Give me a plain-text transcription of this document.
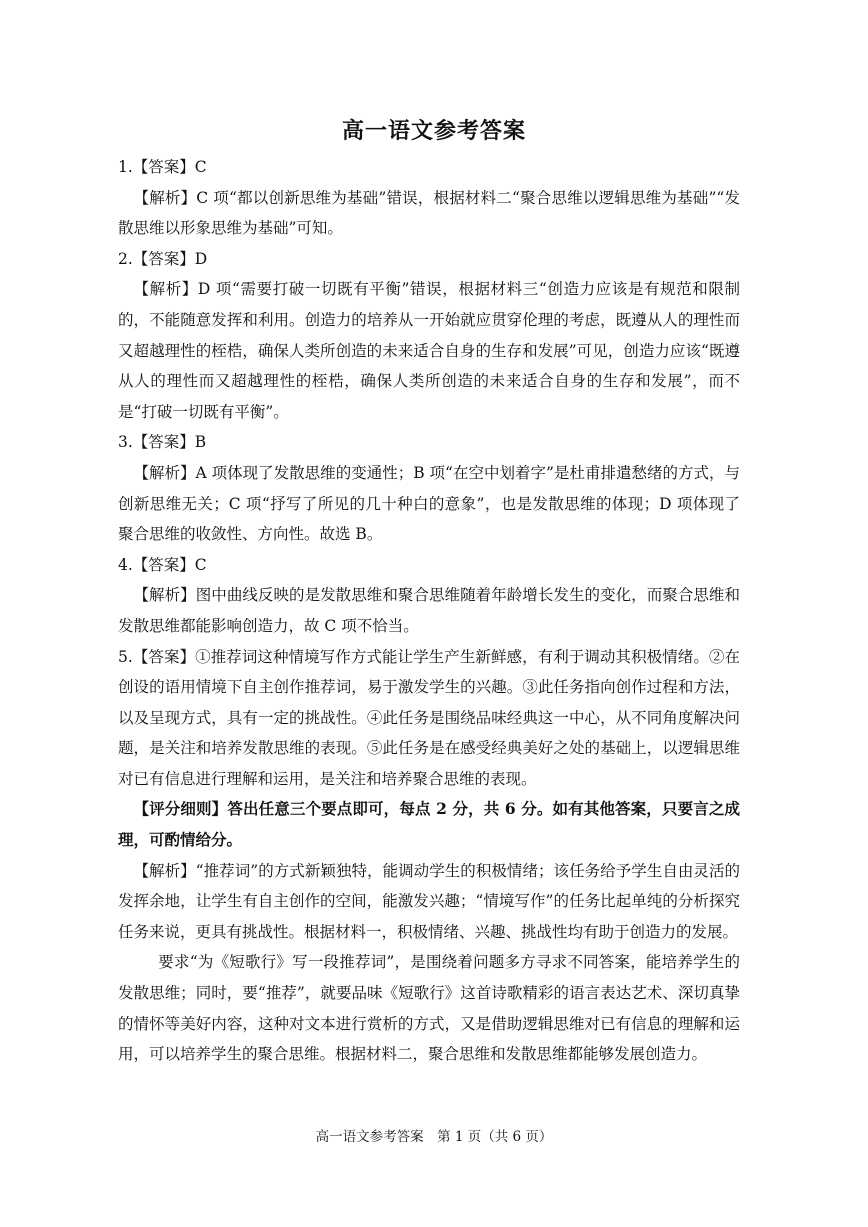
高一语文参考答案

1.【答案】C

【解析】C 项“都以创新思维为基础”错误，根据材料二“聚合思维以逻辑思维为基础”“发散思维以形象思维为基础”可知。

2.【答案】D

【解析】D 项“需要打破一切既有平衡”错误，根据材料三“创造力应该是有规范和限制的，不能随意发挥和利用。创造力的培养从一开始就应贯穿伦理的考虑，既遵从人的理性而又超越理性的桎梏，确保人类所创造的未来适合自身的生存和发展”可见，创造力应该“既遵从人的理性而又超越理性的桎梏，确保人类所创造的未来适合自身的生存和发展”，而不是“打破一切既有平衡”。

3.【答案】B

【解析】A 项体现了发散思维的变通性；B 项“在空中划着字”是杜甫排遣愁绪的方式，与创新思维无关；C 项“抒写了所见的几十种白的意象”，也是发散思维的体现；D 项体现了聚合思维的收敛性、方向性。故选 B。

4.【答案】C

【解析】图中曲线反映的是发散思维和聚合思维随着年龄增长发生的变化，而聚合思维和发散思维都能影响创造力，故 C 项不恰当。

5.【答案】①推荐词这种情境写作方式能让学生产生新鲜感，有利于调动其积极情绪。②在创设的语用情境下自主创作推荐词，易于激发学生的兴趣。③此任务指向创作过程和方法，以及呈现方式，具有一定的挑战性。④此任务是围绕品味经典这一中心，从不同角度解决问题，是关注和培养发散思维的表现。⑤此任务是在感受经典美好之处的基础上，以逻辑思维对已有信息进行理解和运用，是关注和培养聚合思维的表现。

【评分细则】答出任意三个要点即可，每点 2 分，共 6 分。如有其他答案，只要言之成理，可酌情给分。

【解析】“推荐词”的方式新颖独特，能调动学生的积极情绪；该任务给予学生自由灵活的发挥余地，让学生有自主创作的空间，能激发兴趣；“情境写作”的任务比起单纯的分析探究任务来说，更具有挑战性。根据材料一，积极情绪、兴趣、挑战性均有助于创造力的发展。

要求“为《短歌行》写一段推荐词”，是围绕着问题多方寻求不同答案，能培养学生的发散思维；同时，要“推荐”，就要品味《短歌行》这首诗歌精彩的语言表达艺术、深切真挚的情怀等美好内容，这种对文本进行赏析的方式，又是借助逻辑思维对已有信息的理解和运用，可以培养学生的聚合思维。根据材料二，聚合思维和发散思维都能够发展创造力。

高一语文参考答案　第 1 页（共 6 页）
